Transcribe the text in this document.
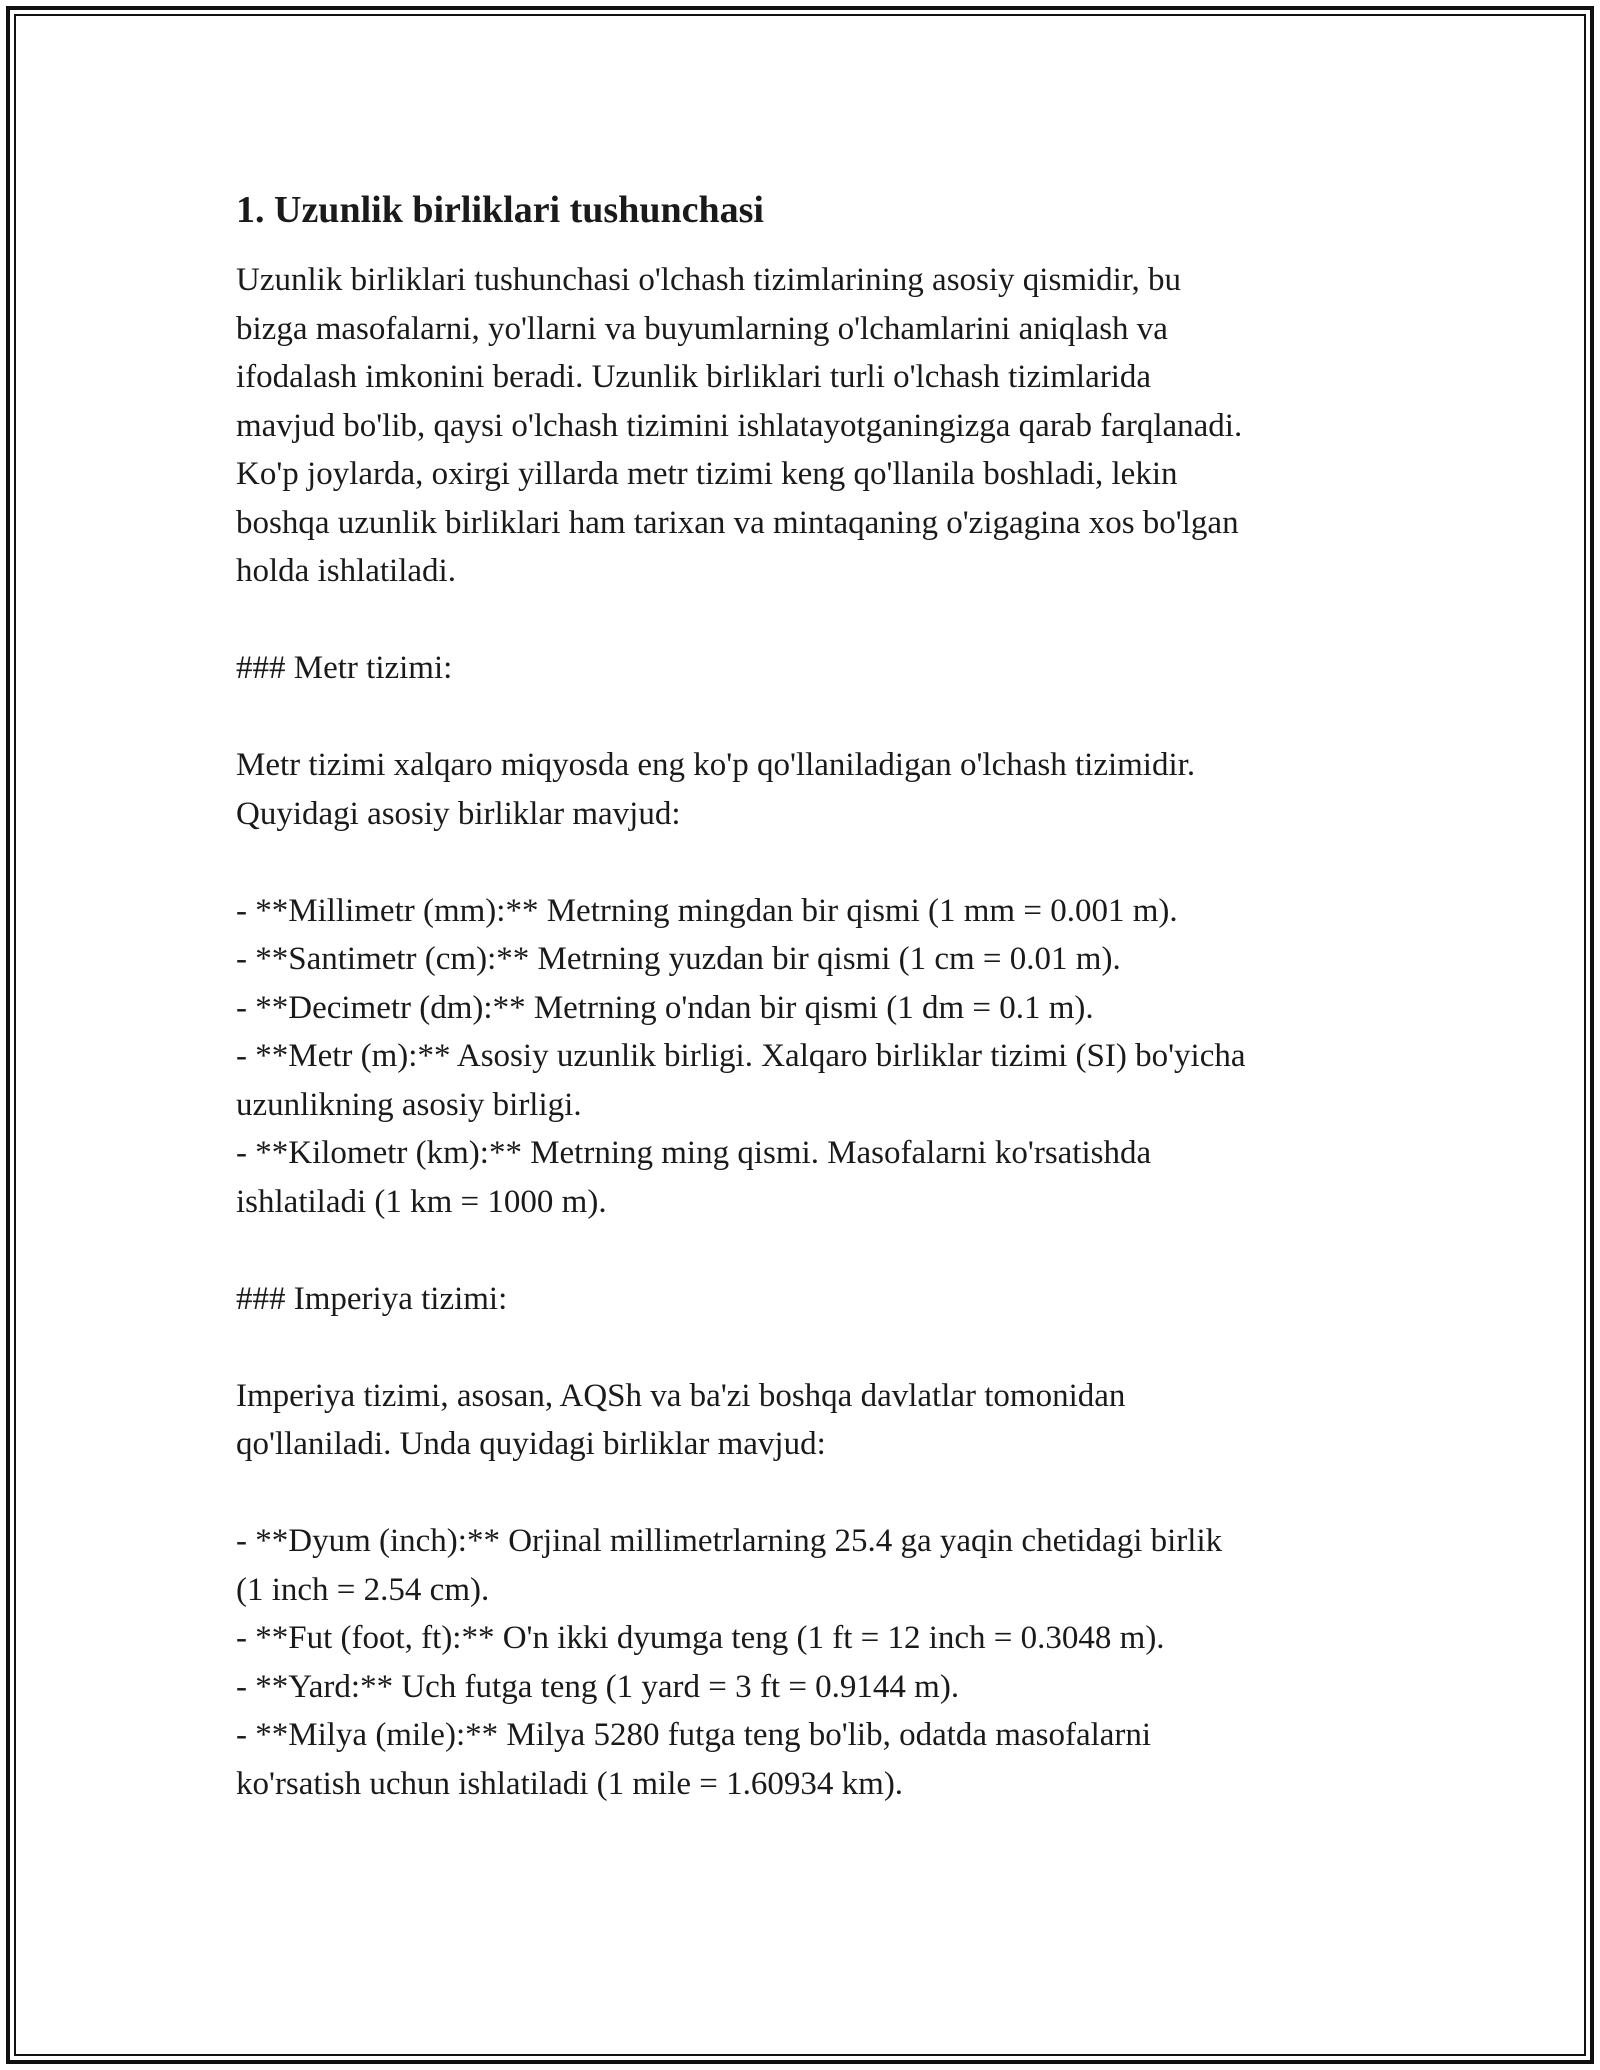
1. Uzunlik birliklari tushunchasi

Uzunlik birliklari tushunchasi o'lchash tizimlarining asosiy qismidir, bu
bizga masofalarni, yo'llarni va buyumlarning o'lchamlarini aniqlash va
ifodalash imkonini beradi. Uzunlik birliklari turli o'lchash tizimlarida
mavjud bo'lib, qaysi o'lchash tizimini ishlatayotganingizga qarab farqlanadi.
Ko'p joylarda, oxirgi yillarda metr tizimi keng qo'llanila boshladi, lekin
boshqa uzunlik birliklari ham tarixan va mintaqaning o'zigagina xos bo'lgan
holda ishlatiladi.

### Metr tizimi:

Metr tizimi xalqaro miqyosda eng ko'p qo'llaniladigan o'lchash tizimidir.
Quyidagi asosiy birliklar mavjud:

- **Millimetr (mm):** Metrning mingdan bir qismi (1 mm = 0.001 m).

- **Santimetr (cm):** Metrning yuzdan bir qismi (1 cm = 0.01 m).

- **Decimetr (dm):** Metrning o'ndan bir qismi (1 dm = 0.1 m).

- **Metr (m):** Asosiy uzunlik birligi. Xalqaro birliklar tizimi (SI) bo'yicha
uzunlikning asosiy birligi.

- **Kilometr (km):** Metrning ming qismi. Masofalarni ko'rsatishda
ishlatiladi (1 km = 1000 m).

### Imperiya tizimi:

Imperiya tizimi, asosan, AQSh va ba'zi boshqa davlatlar tomonidan
qo'llaniladi. Unda quyidagi birliklar mavjud:

- **Dyum (inch):** Orjinal millimetrlarning 25.4 ga yaqin chetidagi birlik
(1 inch = 2.54 cm).

- **Fut (foot, ft):** O'n ikki dyumga teng (1 ft = 12 inch = 0.3048 m).

- **Yard:** Uch futga teng (1 yard = 3 ft = 0.9144 m).

- **Milya (mile):** Milya 5280 futga teng bo'lib, odatda masofalarni
ko'rsatish uchun ishlatiladi (1 mile = 1.60934 km).
